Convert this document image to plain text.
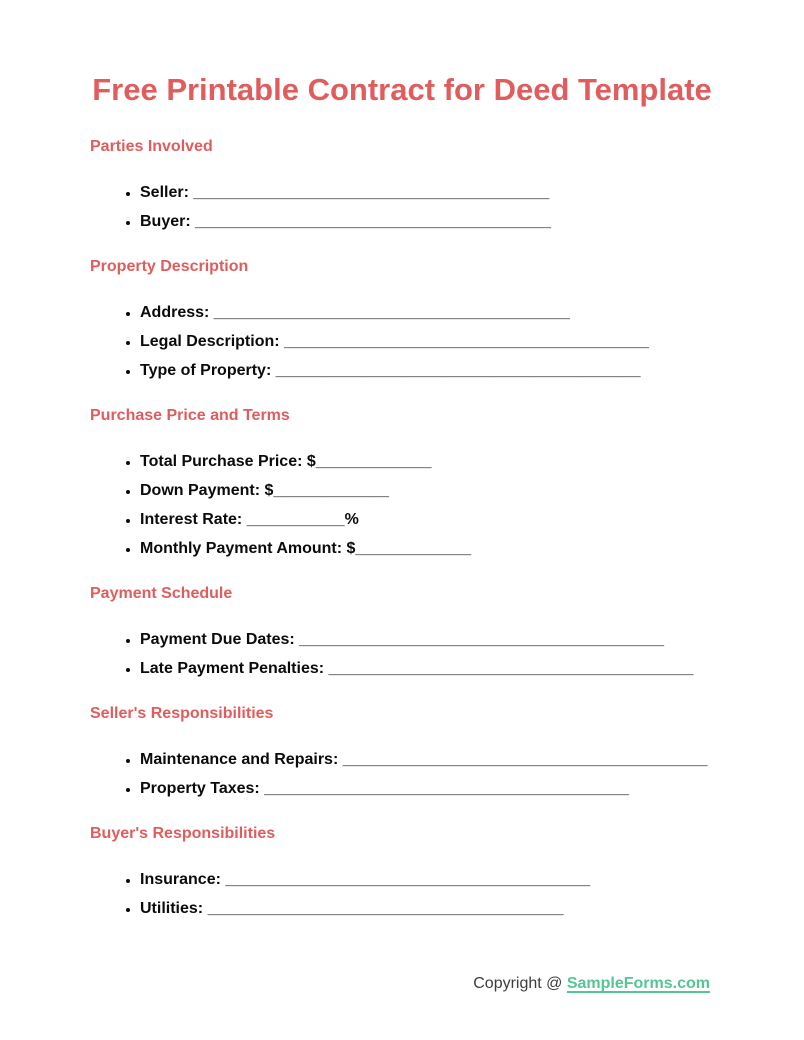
Free Printable Contract for Deed Template
Parties Involved
• Seller: ________________________________________
• Buyer: ________________________________________
Property Description
• Address: ________________________________________
• Legal Description: _________________________________________
• Type of Property: _________________________________________
Purchase Price and Terms
• Total Purchase Price: $_____________
• Down Payment: $_____________
• Interest Rate: ___________%
• Monthly Payment Amount: $_____________
Payment Schedule
• Payment Due Dates: _________________________________________
• Late Payment Penalties: _________________________________________
Seller's Responsibilities
• Maintenance and Repairs: _________________________________________
• Property Taxes: _________________________________________
Buyer's Responsibilities
• Insurance: _________________________________________
• Utilities: ________________________________________
Copyright @ SampleForms.com
